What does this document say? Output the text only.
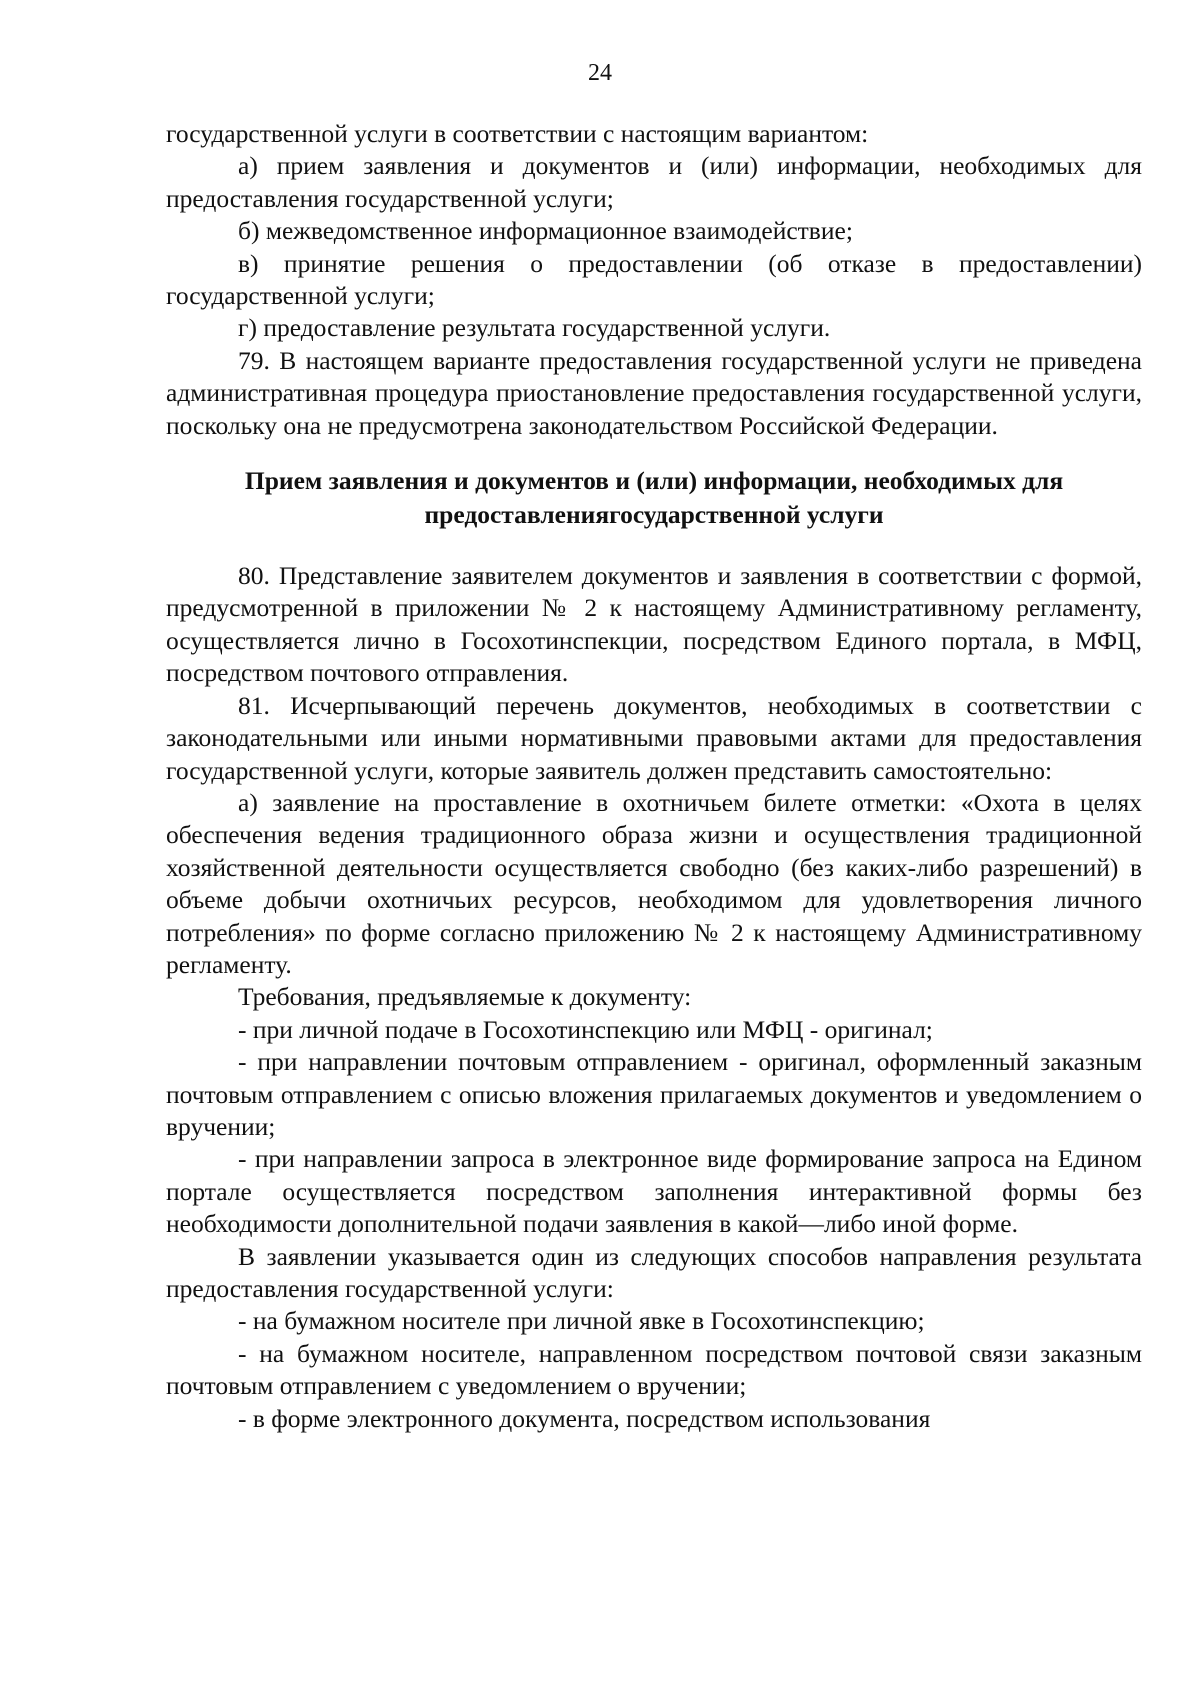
24

государственной услуги в соответствии с настоящим вариантом:

а) прием заявления и документов и (или) информации, необходимых для предоставления государственной услуги;

б) межведомственное информационное взаимодействие;

в) принятие решения о предоставлении (об отказе в предоставлении) государственной услуги;

г) предоставление результата государственной услуги.

79. В настоящем варианте предоставления государственной услуги не приведена административная процедура приостановление предоставления государственной услуги, поскольку она не предусмотрена законодательством Российской Федерации.

Прием заявления и документов и (или) информации, необходимых для
предоставлениягосударственной услуги

80. Представление заявителем документов и заявления в соответствии с формой, предусмотренной в приложении № 2 к настоящему Административному регламенту, осуществляется лично в Госохотинспекции, посредством Единого портала, в МФЦ, посредством почтового отправления.

81. Исчерпывающий перечень документов, необходимых в соответствии с законодательными или иными нормативными правовыми актами для предоставления государственной услуги, которые заявитель должен представить самостоятельно:

а) заявление на проставление в охотничьем билете отметки: «Охота в целях обеспечения ведения традиционного образа жизни и осуществления традиционной хозяйственной деятельности осуществляется свободно (без каких-либо разрешений) в объеме добычи охотничьих ресурсов, необходимом для удовлетворения личного потребления» по форме согласно приложению № 2 к настоящему Административному регламенту.

Требования, предъявляемые к документу:

- при личной подаче в Госохотинспекцию или МФЦ - оригинал;

- при направлении почтовым отправлением - оригинал, оформленный заказным почтовым отправлением с описью вложения прилагаемых документов и уведомлением о вручении;

- при направлении запроса в электронное виде формирование запроса на Едином портале осуществляется посредством заполнения интерактивной формы без необходимости дополнительной подачи заявления в какой—либо иной форме.

В заявлении указывается один из следующих способов направления результата предоставления государственной услуги:

- на бумажном носителе при личной явке в Госохотинспекцию;

- на бумажном носителе, направленном посредством почтовой связи заказным почтовым отправлением с уведомлением о вручении;

- в форме электронного документа, посредством использования
